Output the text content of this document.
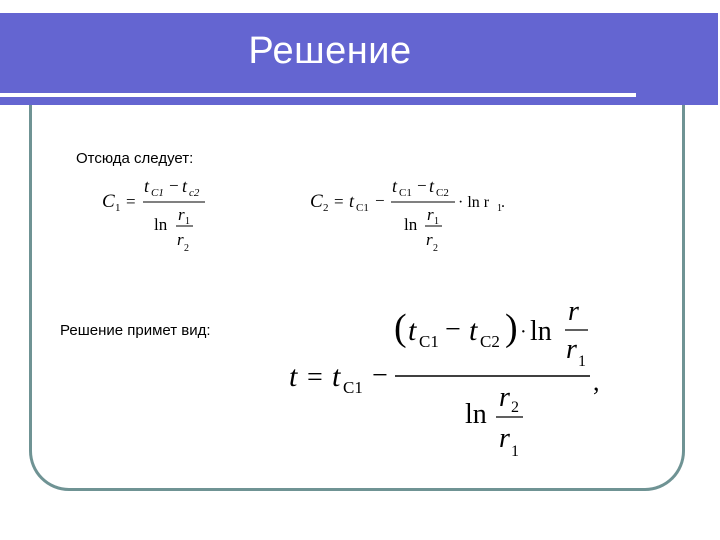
Решение
Отсюда следует:
Решение примет вид:
C 1 =
t C1 − t c2
ln
r 1
r 2
C 2 = t C1 −
t C1 − t C2
ln
r 1
r 2
· ln r 1 .
t = t C1 −
( t C1 − t C2 ) · ln
r
r 1
,
ln
r 2
r 1
